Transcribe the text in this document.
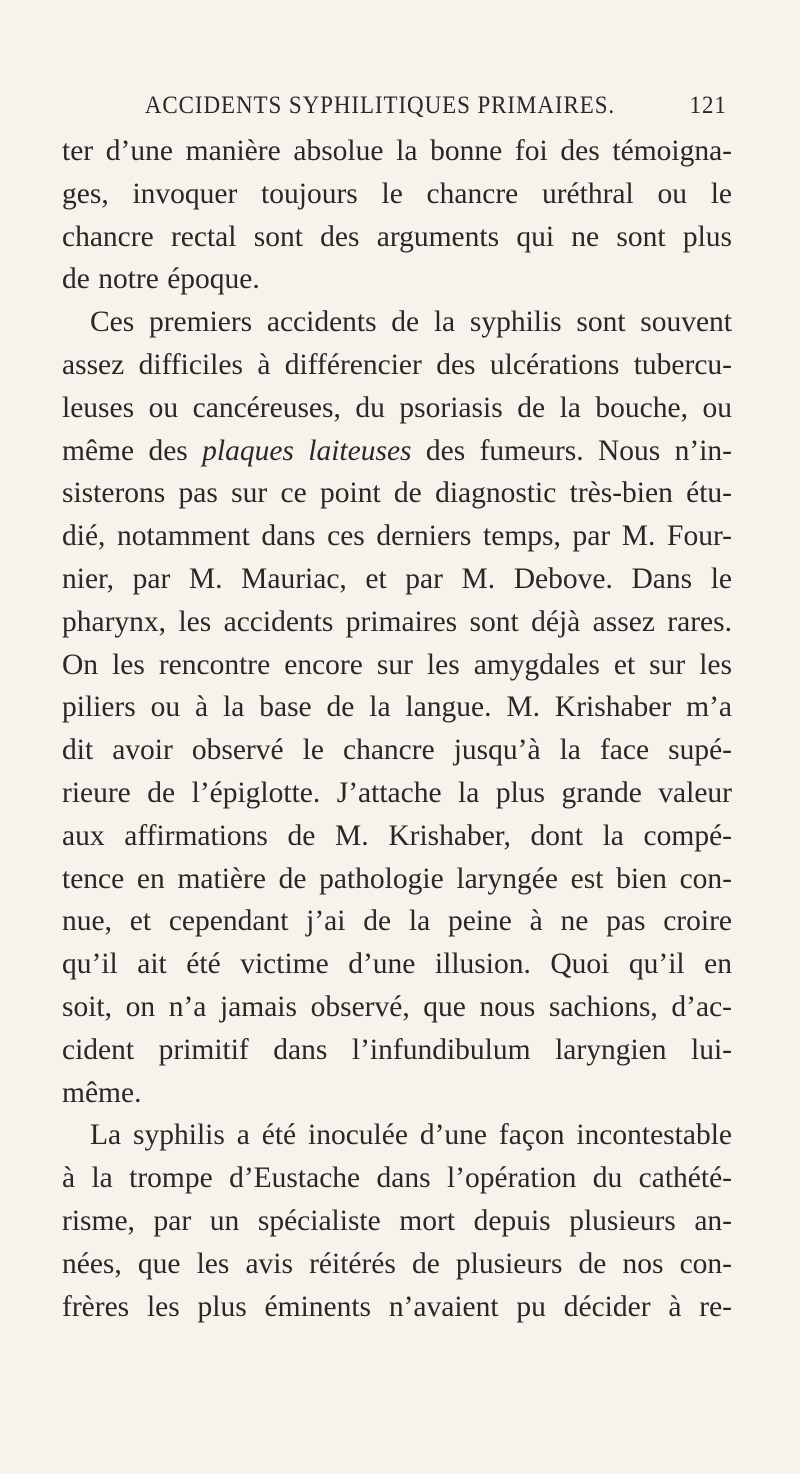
ACCIDENTS SYPHILITIQUES PRIMAIRES.	121
ter d’une manière absolue la bonne foi des témoigna-
ges, invoquer toujours le chancre uréthral ou le
chancre rectal sont des arguments qui ne sont plus
de notre époque.
Ces premiers accidents de la syphilis sont souvent
assez difficiles à différencier des ulcérations tubercu-
leuses ou cancéreuses, du psoriasis de la bouche, ou
même des plaques laiteuses des fumeurs. Nous n’in-
sisterons pas sur ce point de diagnostic très-bien étu-
dié, notamment dans ces derniers temps, par M. Four-
nier, par M. Mauriac, et par M. Debove. Dans le
pharynx, les accidents primaires sont déjà assez rares.
On les rencontre encore sur les amygdales et sur les
piliers ou à la base de la langue. M. Krishaber m’a
dit avoir observé le chancre jusqu’à la face supé-
rieure de l’épiglotte. J’attache la plus grande valeur
aux affirmations de M. Krishaber, dont la compé-
tence en matière de pathologie laryngée est bien con-
nue, et cependant j’ai de la peine à ne pas croire
qu’il ait été victime d’une illusion. Quoi qu’il en
soit, on n’a jamais observé, que nous sachions, d’ac-
cident primitif dans l’infundibulum laryngien lui-
même.
La syphilis a été inoculée d’une façon incontestable
à la trompe d’Eustache dans l’opération du cathété-
risme, par un spécialiste mort depuis plusieurs an-
nées, que les avis réitérés de plusieurs de nos con-
frères les plus éminents n’avaient pu décider à re-
